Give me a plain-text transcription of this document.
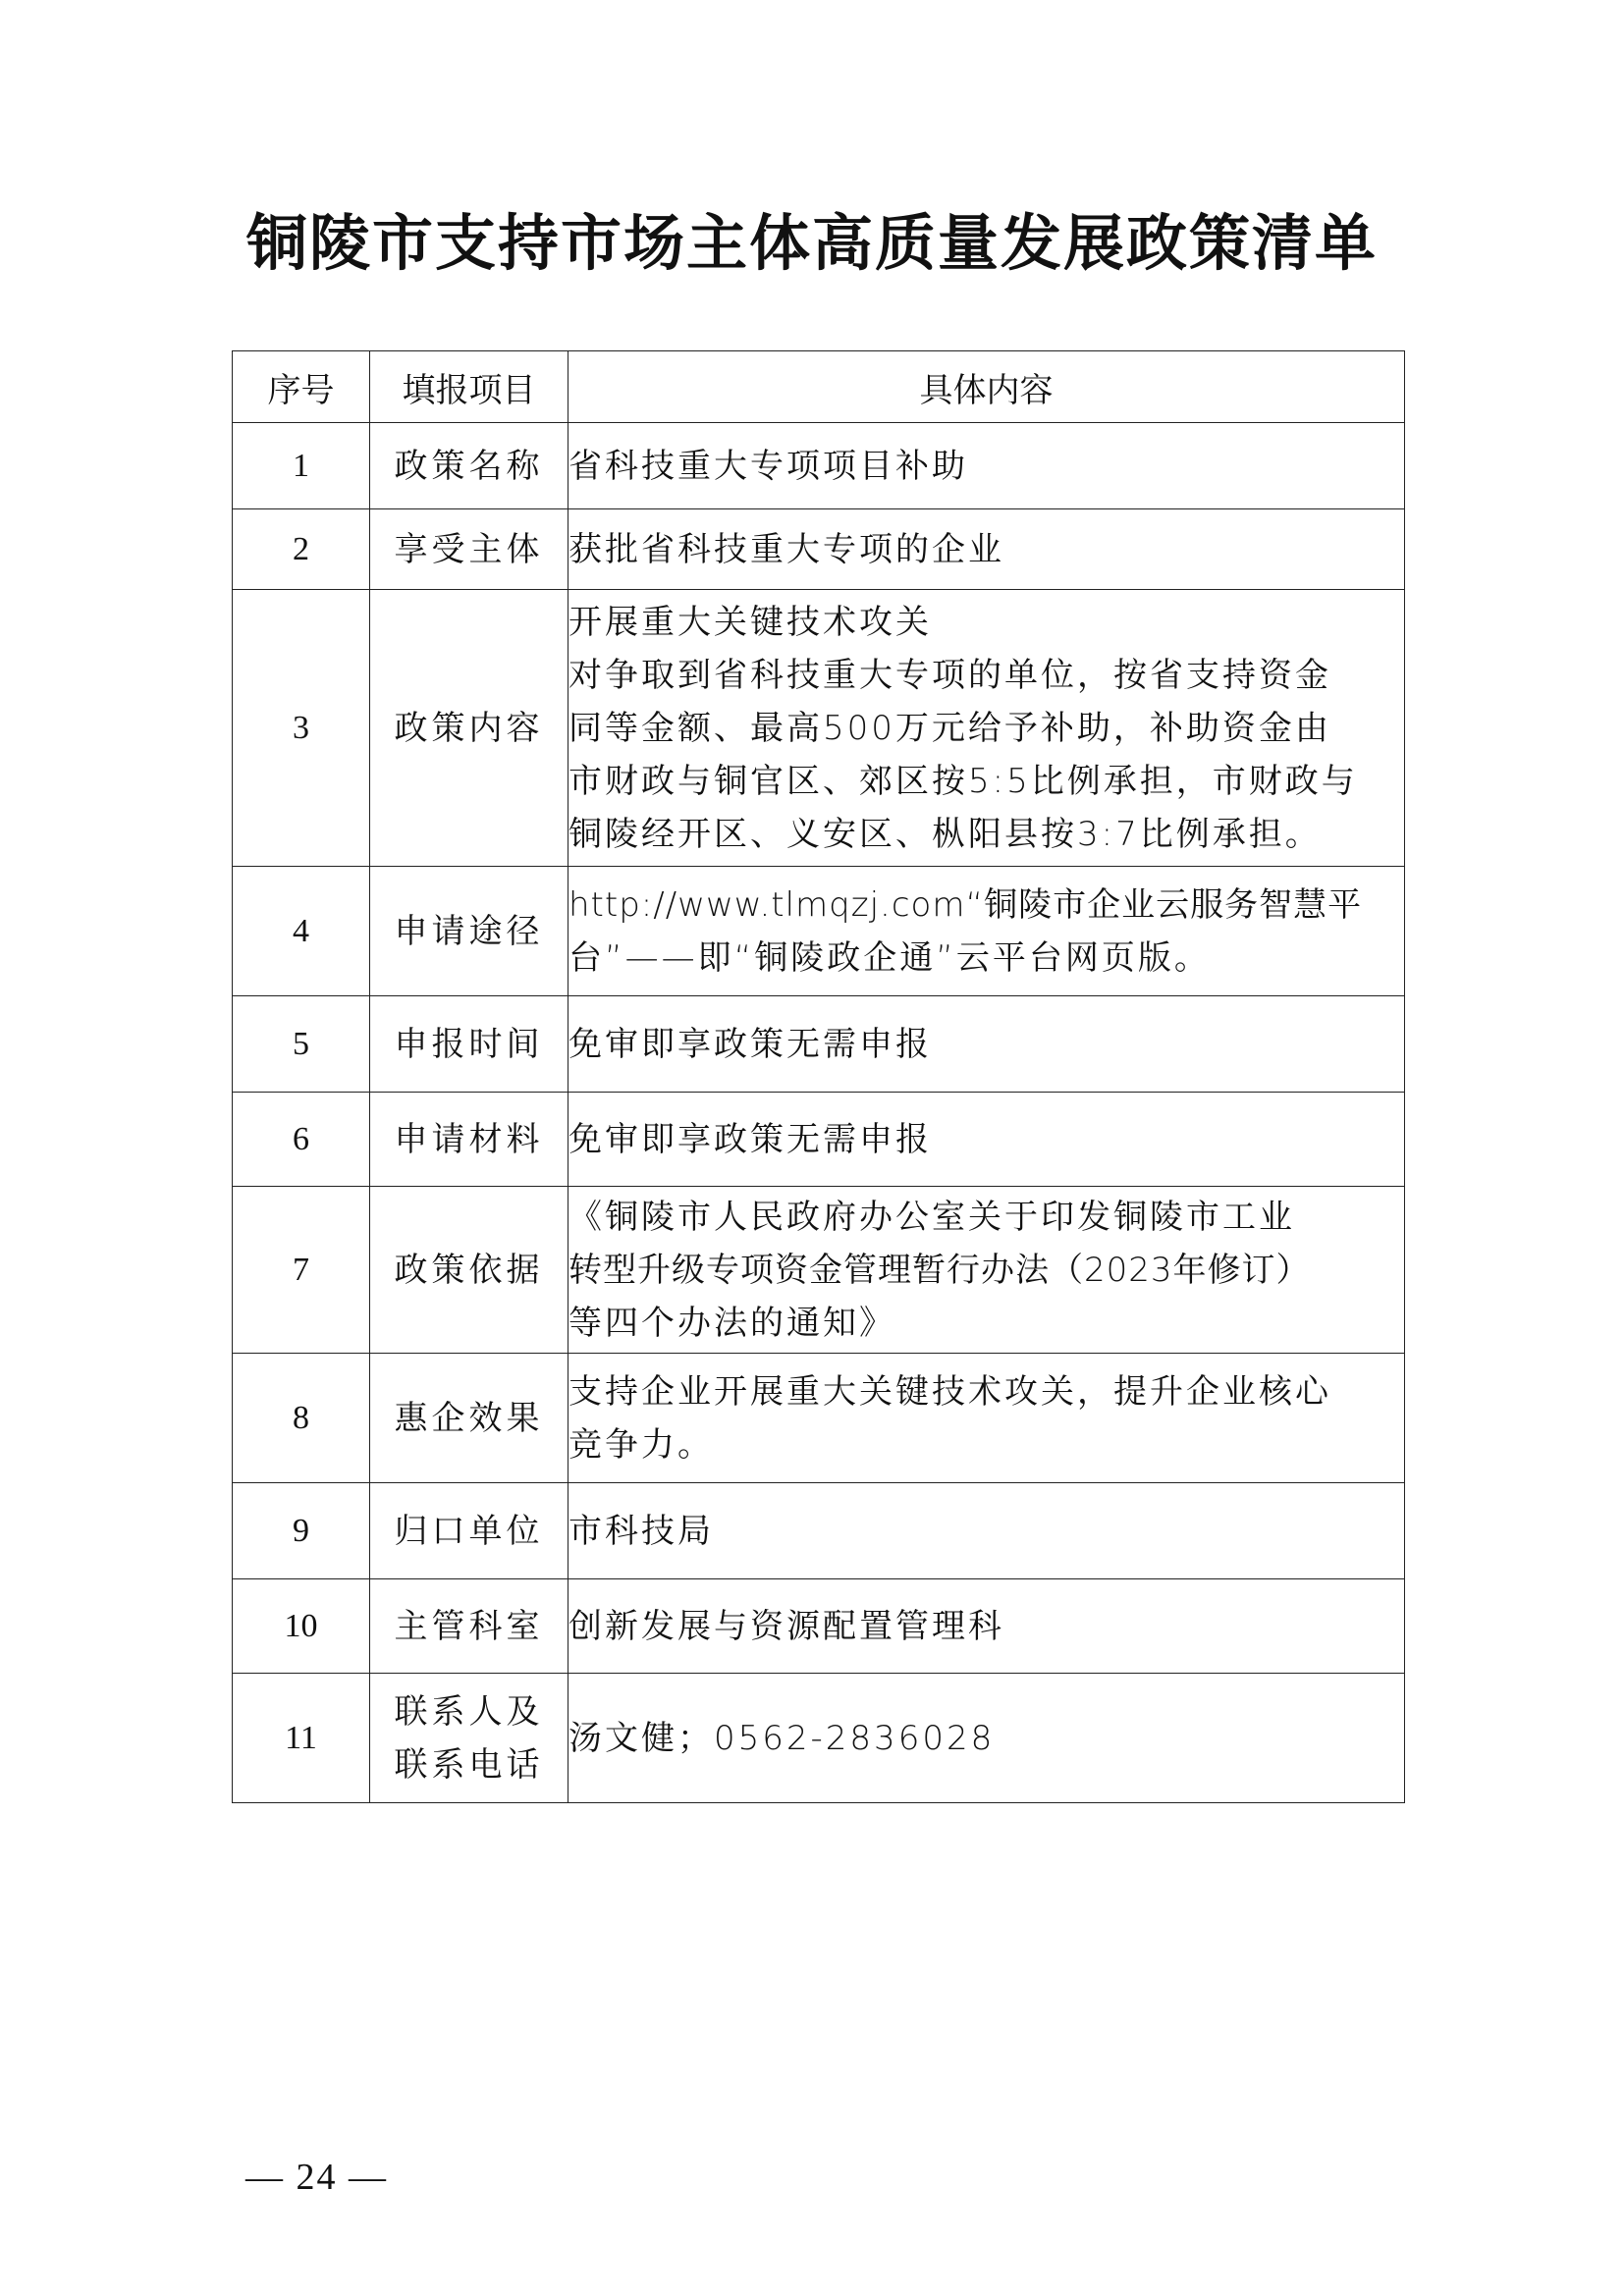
铜陵市支持市场主体高质量发展政策清单
序号	填报项目	具体内容
1	政策名称	省科技重大专项项目补助

2	享受主体	获批省科技重大专项的企业

3	政策内容	开展重大关键技术攻关
对争取到省科技重大专项的单位，按省支持资金
同等金额、最高500万元给予补助，补助资金由
市财政与铜官区、郊区按5:5比例承担，市财政与
铜陵经开区、义安区、枞阳县按3:7比例承担。

4	申请途径	http://www.tlmqzj.com“铜陵市企业云服务智慧平
台”——即“铜陵政企通”云平台网页版。

5	申报时间	免审即享政策无需申报

6	申请材料	免审即享政策无需申报

7	政策依据	《铜陵市人民政府办公室关于印发铜陵市工业
转型升级专项资金管理暂行办法（2023年修订）
等四个办法的通知》

8	惠企效果	支持企业开展重大关键技术攻关，提升企业核心
竞争力。

9	归口单位	市科技局

10	主管科室	创新发展与资源配置管理科

11	联系人及
联系电话	汤文健；0562-2836028
— 24 —
